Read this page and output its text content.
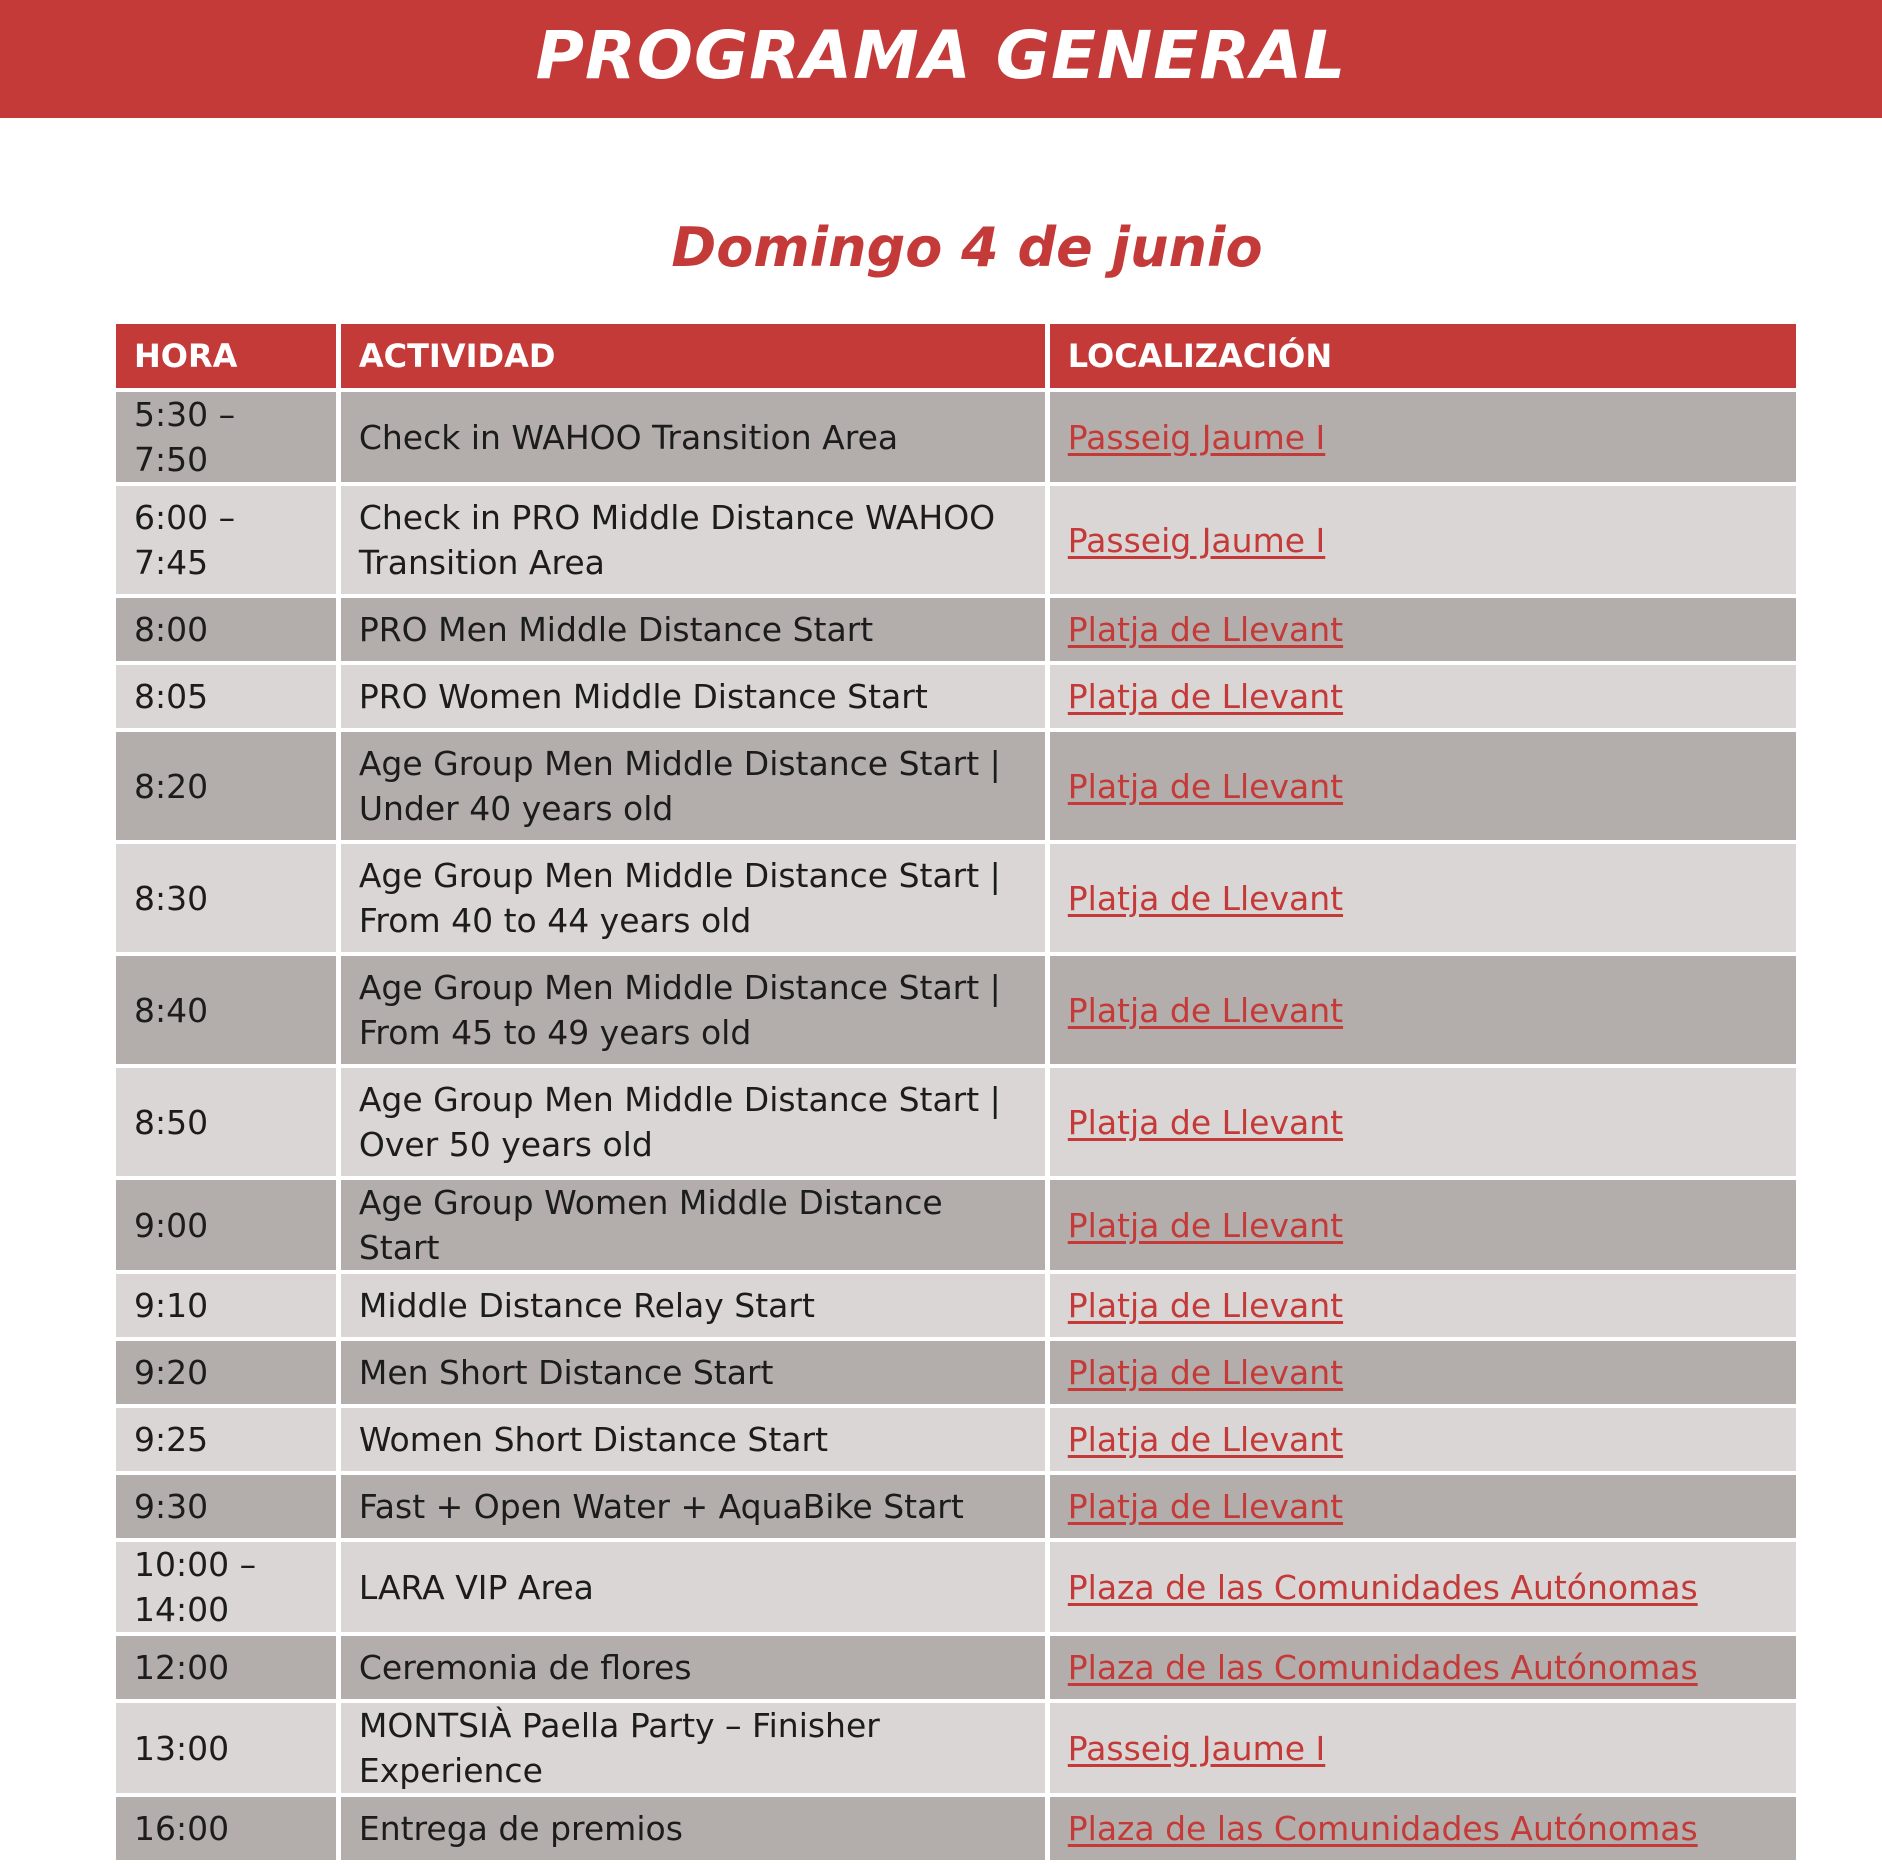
PROGRAMA GENERAL
Domingo 4 de junio
HORA	ACTIVIDAD	LOCALIZACIÓN
5:30 – 7:50	Check in WAHOO Transition Area	Passeig Jaume I
6:00 – 7:45	Check in PRO Middle Distance WAHOO Transition Area	Passeig Jaume I
8:00	PRO Men Middle Distance Start	Platja de Llevant
8:05	PRO Women Middle Distance Start	Platja de Llevant
8:20	Age Group Men Middle Distance Start | Under 40 years old	Platja de Llevant
8:30	Age Group Men Middle Distance Start | From 40 to 44 years old	Platja de Llevant
8:40	Age Group Men Middle Distance Start | From 45 to 49 years old	Platja de Llevant
8:50	Age Group Men Middle Distance Start | Over 50 years old	Platja de Llevant
9:00	Age Group Women Middle Distance Start	Platja de Llevant
9:10	Middle Distance Relay Start	Platja de Llevant
9:20	Men Short Distance Start	Platja de Llevant
9:25	Women Short Distance Start	Platja de Llevant
9:30	Fast + Open Water + AquaBike Start	Platja de Llevant
10:00 – 14:00	LARA VIP Area	Plaza de las Comunidades Autónomas
12:00	Ceremonia de flores	Plaza de las Comunidades Autónomas
13:00	MONTSIÀ Paella Party – Finisher Experience	Passeig Jaume I
16:00	Entrega de premios	Plaza de las Comunidades Autónomas
